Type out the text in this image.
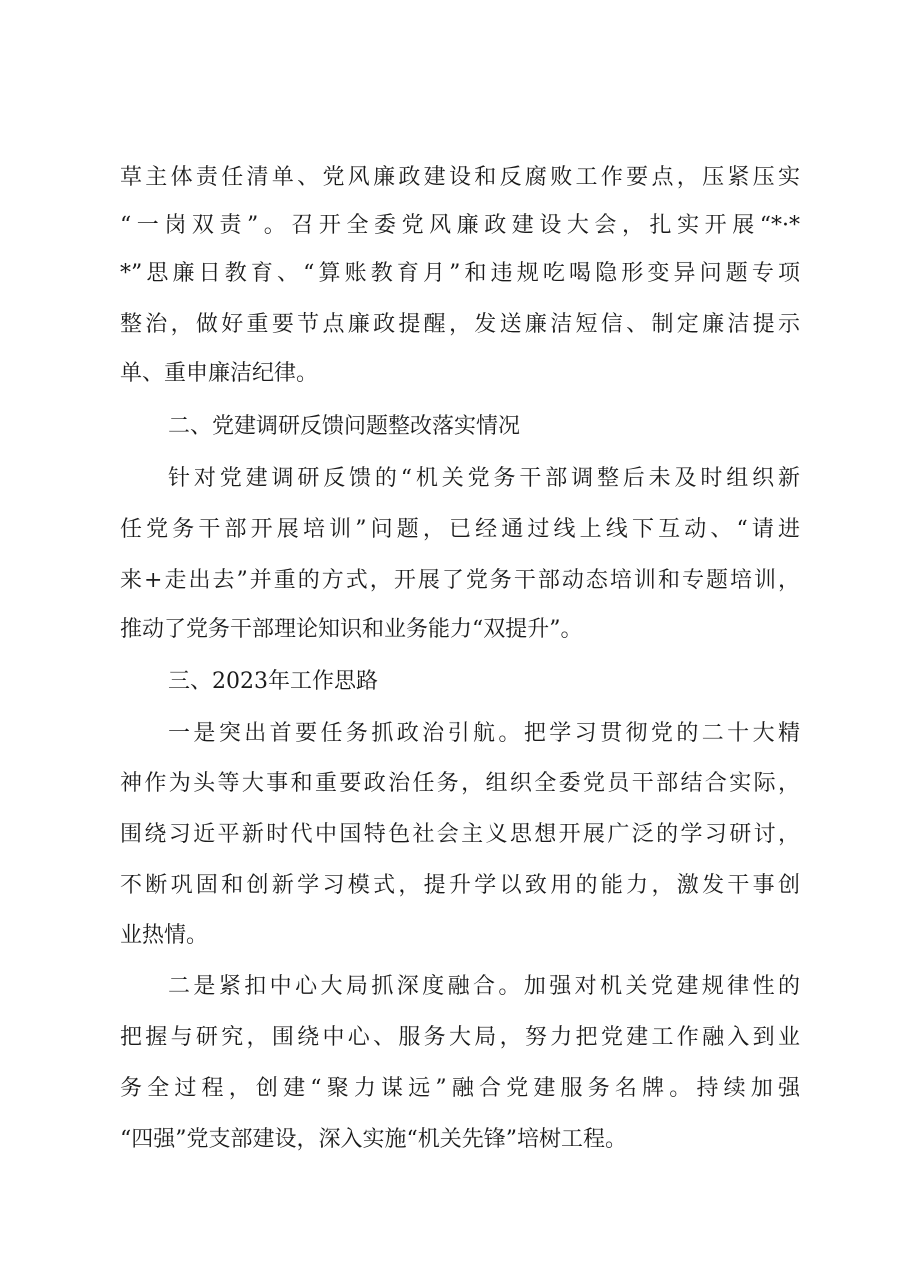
草主体责任清单、党风廉政建设和反腐败工作要点，压紧压实
“一岗双责”。召开全委党风廉政建设大会，扎实开展“*·*
*”思廉日教育、“算账教育月”和违规吃喝隐形变异问题专项
整治，做好重要节点廉政提醒，发送廉洁短信、制定廉洁提示
单、重申廉洁纪律。
二、党建调研反馈问题整改落实情况
针对党建调研反馈的“机关党务干部调整后未及时组织新
任党务干部开展培训”问题，已经通过线上线下互动、“请进
来+走出去”并重的方式，开展了党务干部动态培训和专题培训，
推动了党务干部理论知识和业务能力“双提升”。
三、2023年工作思路
一是突出首要任务抓政治引航。把学习贯彻党的二十大精
神作为头等大事和重要政治任务，组织全委党员干部结合实际，
围绕习近平新时代中国特色社会主义思想开展广泛的学习研讨，
不断巩固和创新学习模式，提升学以致用的能力，激发干事创
业热情。
二是紧扣中心大局抓深度融合。加强对机关党建规律性的
把握与研究，围绕中心、服务大局，努力把党建工作融入到业
务全过程，创建“聚力谋远”融合党建服务名牌。持续加强
“四强”党支部建设，深入实施“机关先锋”培树工程。
